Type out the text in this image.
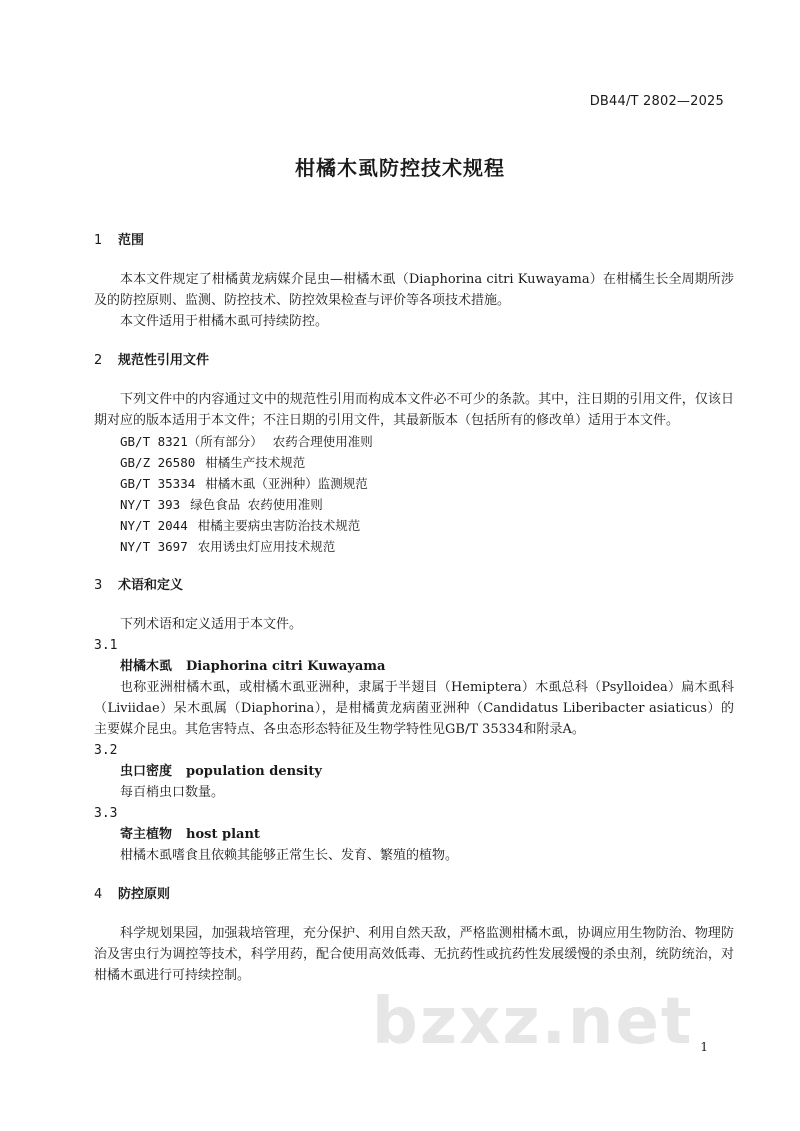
DB44/T 2802—2025
柑橘木虱防控技术规程

1 范围

本本文件规定了柑橘黄龙病媒介昆虫—柑橘木虱（Diaphorina citri Kuwayama）在柑橘生长全周期所涉及的防控原则、监测、防控技术、防控效果检查与评价等各项技术措施。

本文件适用于柑橘木虱可持续防控。

2 规范性引用文件

下列文件中的内容通过文中的规范性引用而构成本文件必不可少的条款。其中，注日期的引用文件，仅该日期对应的版本适用于本文件；不注日期的引用文件，其最新版本（包括所有的修改单）适用于本文件。

GB/T 8321（所有部分） 农药合理使用准则

GB/Z 26580 柑橘生产技术规范

GB/T 35334 柑橘木虱（亚洲种）监测规范

NY/T 393 绿色食品 农药使用准则

NY/T 2044 柑橘主要病虫害防治技术规范

NY/T 3697 农用诱虫灯应用技术规范

3 术语和定义

下列术语和定义适用于本文件。

3.1

柑橘木虱 Diaphorina citri Kuwayama

也称亚洲柑橘木虱，或柑橘木虱亚洲种，隶属于半翅目（Hemiptera）木虱总科（Psylloidea）扁木虱科（Liviidae）呆木虱属（Diaphorina），是柑橘黄龙病菌亚洲种（Candidatus Liberibacter asiaticus）的主要媒介昆虫。其危害特点、各虫态形态特征及生物学特性见GB/T 35334和附录A。

3.2

虫口密度 population density

每百梢虫口数量。

3.3

寄主植物 host plant

柑橘木虱嗜食且依赖其能够正常生长、发育、繁殖的植物。

4 防控原则

科学规划果园，加强栽培管理，充分保护、利用自然天敌，严格监测柑橘木虱，协调应用生物防治、物理防治及害虫行为调控等技术，科学用药，配合使用高效低毒、无抗药性或抗药性发展缓慢的杀虫剂，统防统治，对柑橘木虱进行可持续控制。

bzxz.net 1
